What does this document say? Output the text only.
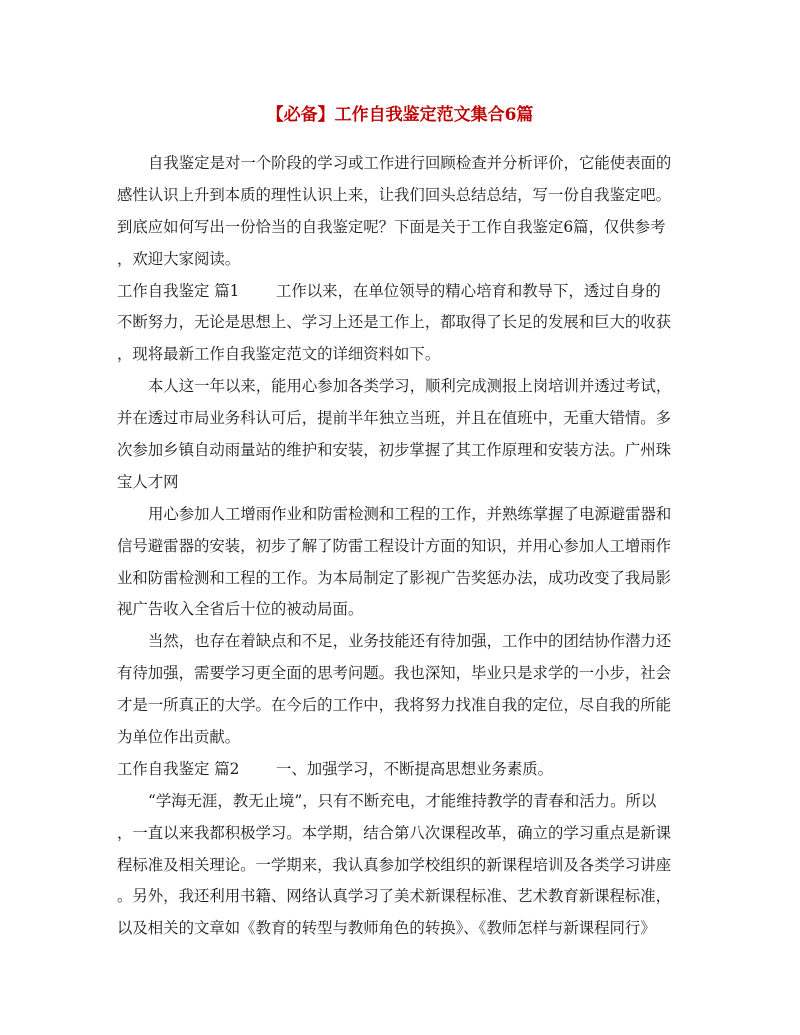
【必备】工作自我鉴定范文集合6篇
自我鉴定是对一个阶段的学习或工作进行回顾检查并分析评价，它能使表面的
感性认识上升到本质的理性认识上来，让我们回头总结总结，写一份自我鉴定吧。
到底应如何写出一份恰当的自我鉴定呢？下面是关于工作自我鉴定6篇，仅供参考
，欢迎大家阅读。
工作自我鉴定 篇1 工作以来，在单位领导的精心培育和教导下，透过自身的
不断努力，无论是思想上、学习上还是工作上，都取得了长足的发展和巨大的收获
，现将最新工作自我鉴定范文的详细资料如下。
本人这一年以来，能用心参加各类学习，顺利完成测报上岗培训并透过考试，
并在透过市局业务科认可后，提前半年独立当班，并且在值班中，无重大错情。多
次参加乡镇自动雨量站的维护和安装，初步掌握了其工作原理和安装方法。广州珠
宝人才网
用心参加人工增雨作业和防雷检测和工程的工作，并熟练掌握了电源避雷器和
信号避雷器的安装，初步了解了防雷工程设计方面的知识，并用心参加人工增雨作
业和防雷检测和工程的工作。为本局制定了影视广告奖惩办法，成功改变了我局影
视广告收入全省后十位的被动局面。
当然，也存在着缺点和不足，业务技能还有待加强，工作中的团结协作潜力还
有待加强，需要学习更全面的思考问题。我也深知，毕业只是求学的一小步，社会
才是一所真正的大学。在今后的工作中，我将努力找准自我的定位，尽自我的所能
为单位作出贡献。
工作自我鉴定 篇2 一、加强学习，不断提高思想业务素质。
“学海无涯，教无止境”，只有不断充电，才能维持教学的青春和活力。所以
，一直以来我都积极学习。本学期，结合第八次课程改革，确立的学习重点是新课
程标准及相关理论。一学期来，我认真参加学校组织的新课程培训及各类学习讲座
。另外，我还利用书籍、网络认真学习了美术新课程标准、艺术教育新课程标准，
以及相关的文章如《教育的转型与教师角色的转换》、《教师怎样与新课程同行》
